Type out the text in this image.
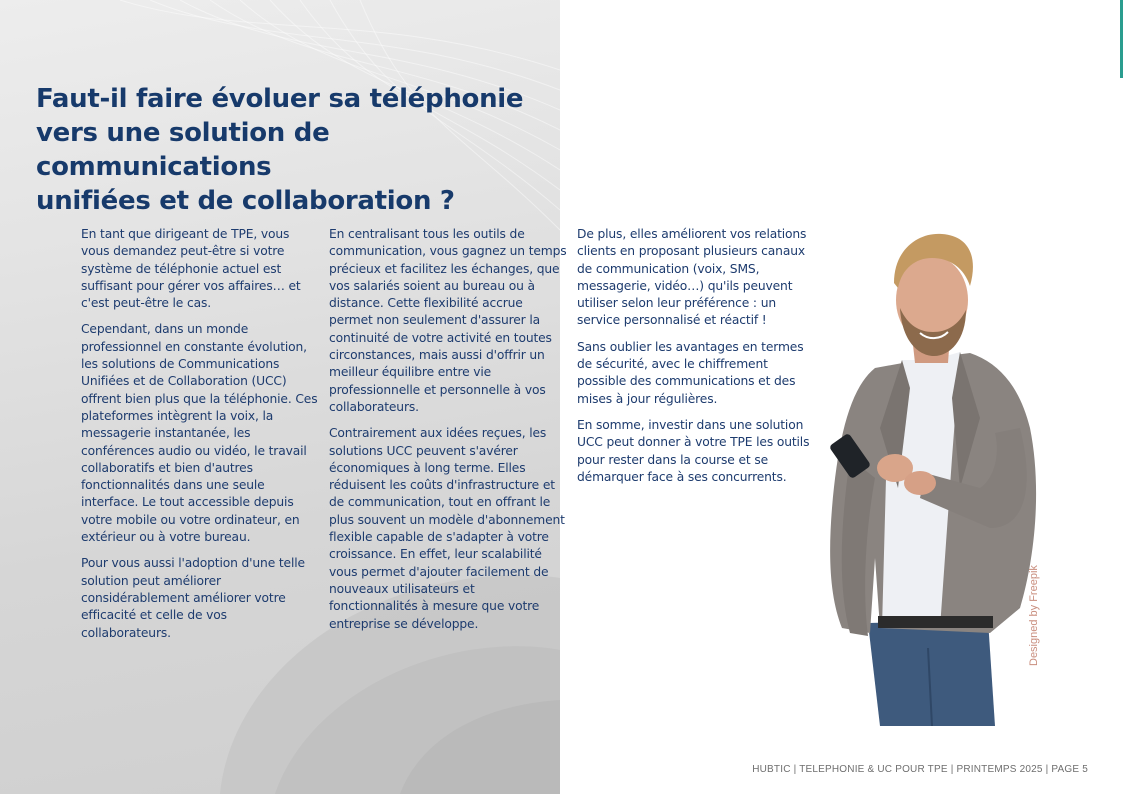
Faut-il faire évoluer sa téléphonie
vers une solution de communications
unifiées et de collaboration ?

En tant que dirigeant de TPE, vous vous demandez peut-être si votre système de téléphonie actuel est suffisant pour gérer vos affaires… et c'est peut-être le cas.

Cependant, dans un monde professionnel en constante évolution, les solutions de Communications Unifiées et de Collaboration (UCC) offrent bien plus que la téléphonie. Ces plateformes intègrent la voix, la messagerie instantanée, les conférences audio ou vidéo, le travail collaboratifs et bien d'autres fonctionnalités dans une seule interface. Le tout accessible depuis votre mobile ou votre ordinateur, en extérieur ou à votre bureau.

Pour vous aussi l'adoption d'une telle solution peut améliorer considérablement améliorer votre efficacité et celle de vos collaborateurs.

En centralisant tous les outils de communication, vous gagnez un temps précieux et facilitez les échanges, que vos salariés soient au bureau ou à distance. Cette flexibilité accrue permet non seulement d'assurer la continuité de votre activité en toutes circonstances, mais aussi d'offrir un meilleur équilibre entre vie professionnelle et personnelle à vos collaborateurs.

Contrairement aux idées reçues, les solutions UCC peuvent s'avérer économiques à long terme. Elles réduisent les coûts d'infrastructure et de communication, tout en offrant le plus souvent un modèle d'abonnement flexible capable de s'adapter à votre croissance. En effet, leur scalabilité vous permet d'ajouter facilement de nouveaux utilisateurs et fonctionnalités à mesure que votre entreprise se développe.

De plus, elles améliorent vos relations clients en proposant plusieurs canaux de communication (voix, SMS, messagerie, vidéo…) qu'ils peuvent utiliser selon leur préférence : un service personnalisé et réactif !

Sans oublier les avantages en termes de sécurité, avec le chiffrement possible des communications et des mises à jour régulières.

En somme, investir dans une solution UCC peut donner à votre TPE les outils pour rester dans la course et se démarquer face à ses concurrents.

Designed by Freepik
HUBTIC | TELEPHONIE & UC POUR TPE | PRINTEMPS 2025 | PAGE 5
